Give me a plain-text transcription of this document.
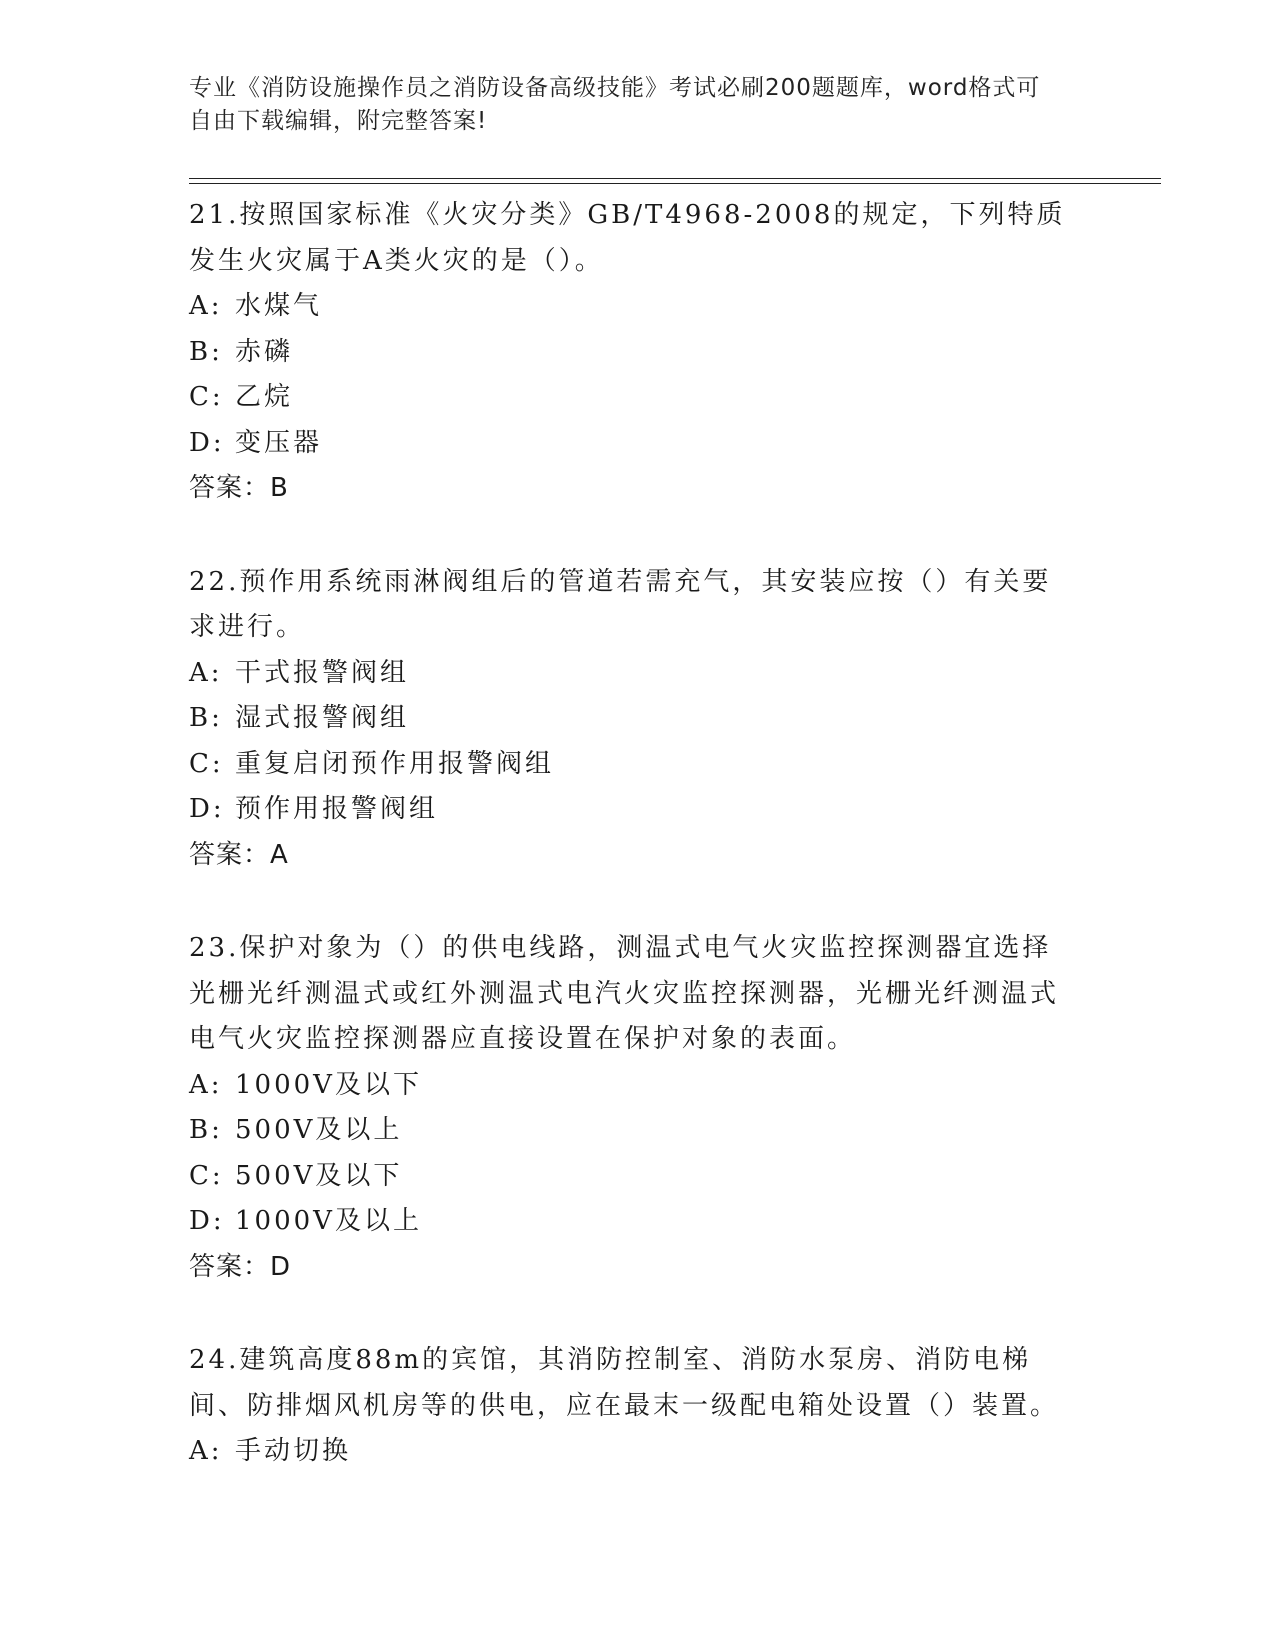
专业《消防设施操作员之消防设备高级技能》考试必刷200题题库，word格式可
自由下载编辑，附完整答案!

21.按照国家标准《火灾分类》GB/T4968-2008的规定，下列特质发生火灾属于A类火灾的是（）。

A: 水煤气

B: 赤磷

C: 乙烷

D: 变压器

答案：B

22.预作用系统雨淋阀组后的管道若需充气，其安装应按（）有关要求进行。

A: 干式报警阀组

B: 湿式报警阀组

C: 重复启闭预作用报警阀组

D: 预作用报警阀组

答案：A

23.保护对象为（）的供电线路，测温式电气火灾监控探测器宜选择光栅光纤测温式或红外测温式电汽火灾监控探测器，光栅光纤测温式电气火灾监控探测器应直接设置在保护对象的表面。

A: 1000V及以下

B: 500V及以上

C: 500V及以下

D: 1000V及以上

答案：D

24.建筑高度88m的宾馆，其消防控制室、消防水泵房、消防电梯间、防排烟风机房等的供电，应在最末一级配电箱处设置（）装置。

A: 手动切换
